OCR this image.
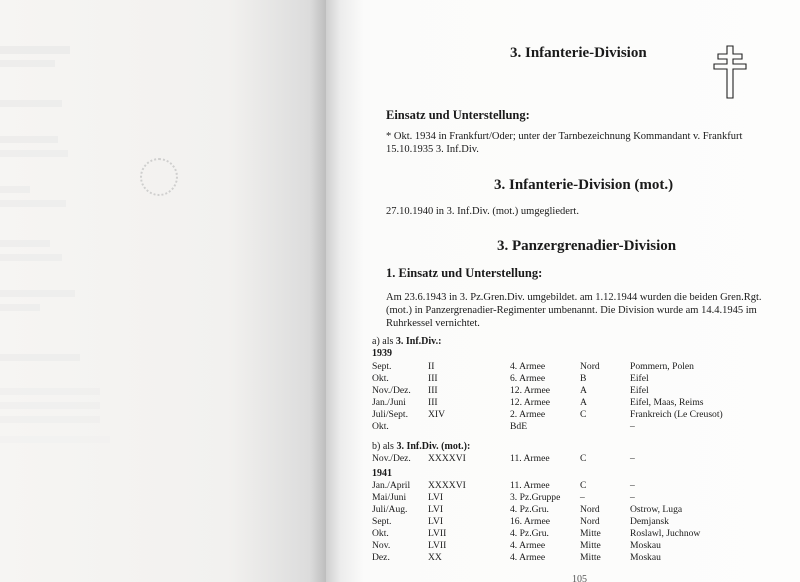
3. Infanterie-Division
Einsatz und Unterstellung:
* Okt. 1934 in Frankfurt/Oder; unter der Tarnbezeichnung Kommandant v. Frankfurt
15.10.1935 3. Inf.Div.
3. Infanterie-Division (mot.)
27.10.1940 in 3. Inf.Div. (mot.) umgegliedert.
3. Panzergrenadier-Division
1. Einsatz und Unterstellung:
Am 23.6.1943 in 3. Pz.Gren.Div. umgebildet. am 1.12.1944 wurden die beiden Gren.Rgt.
(mot.) in Panzergrenadier-Regimenter umbenannt. Die Division wurde am 14.4.1945 im
Ruhrkessel vernichtet.
a) als 3. Inf.Div.:
1939
Sept.	II	4. Armee	Nord	Pommern, Polen
Okt.	III	6. Armee	B	Eifel
Nov./Dez.	III	12. Armee	A	Eifel
Jan./Juni	III	12. Armee	A	Eifel, Maas, Reims
Juli/Sept.	XIV	2. Armee	C	Frankreich (Le Creusot)
Okt.		BdE		–
b) als 3. Inf.Div. (mot.):
Nov./Dez.	XXXXVI	11. Armee	C	–
1941
Jan./April	XXXXVI	11. Armee	C	–
Mai/Juni	LVI	3. Pz.Gruppe	–	–
Juli/Aug.	LVI	4. Pz.Gru.	Nord	Ostrow, Luga
Sept.	LVI	16. Armee	Nord	Demjansk
Okt.	LVII	4. Pz.Gru.	Mitte	Roslawl, Juchnow
Nov.	LVII	4. Armee	Mitte	Moskau
Dez.	XX	4. Armee	Mitte	Moskau
105
